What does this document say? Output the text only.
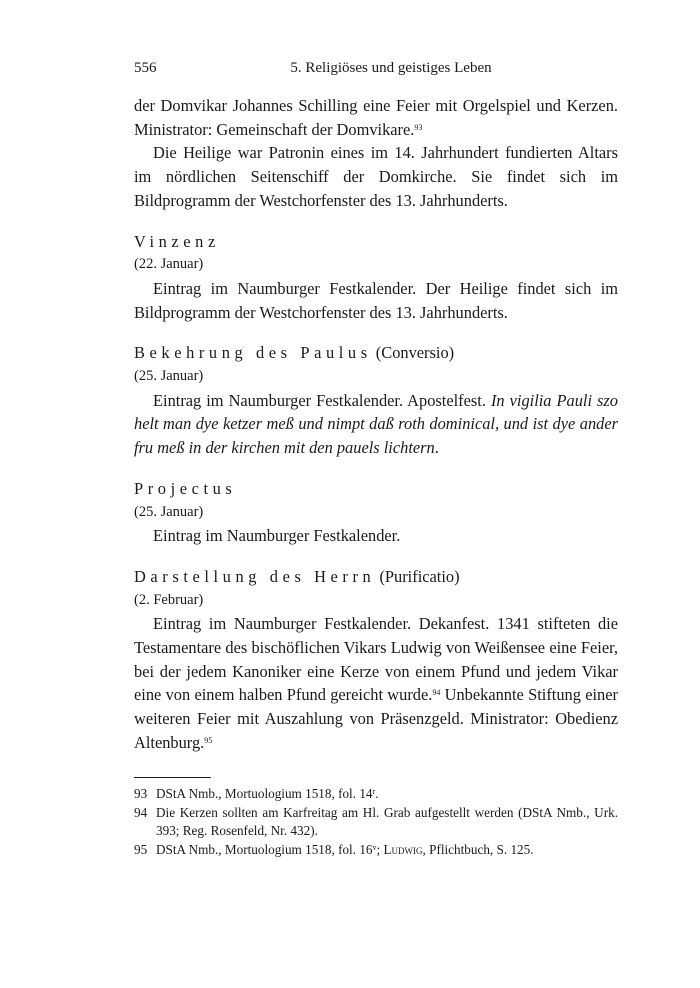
556	5. Religiöses und geistiges Leben

der Domvikar Johannes Schilling eine Feier mit Orgelspiel und Kerzen. Ministrator: Gemeinschaft der Domvikare.$^{93}$

Die Heilige war Patronin eines im 14. Jahrhundert fundierten Altars im nördlichen Seitenschiff der Domkirche. Sie findet sich im Bildprogramm der Westchorfenster des 13. Jahrhunderts.

Vinzenz

(22. Januar)

Eintrag im Naumburger Festkalender. Der Heilige findet sich im Bildprogramm der Westchorfenster des 13. Jahrhunderts.

Bekehrung des Paulus (Conversio)

(25. Januar)

Eintrag im Naumburger Festkalender. Apostelfest. In vigilia Pauli szo helt man dye ketzer meß und nimpt daß roth dominical, und ist dye ander fru meß in der kirchen mit den pauels lichtern.

Projectus

(25. Januar)

Eintrag im Naumburger Festkalender.

Darstellung des Herrn (Purificatio)

(2. Februar)

Eintrag im Naumburger Festkalender. Dekanfest. 1341 stifteten die Testamentare des bischöflichen Vikars Ludwig von Weißensee eine Feier, bei der jedem Kanoniker eine Kerze von einem Pfund und jedem Vikar eine von einem halben Pfund gereicht wurde.$^{94}$ Unbekannte Stiftung einer weiteren Feier mit Auszahlung von Präsenzgeld. Ministrator: Obedienz Altenburg.$^{95}$

93 DStA Nmb., Mortuologium 1518, fol. 14$^r$.
94 Die Kerzen sollten am Karfreitag am Hl. Grab aufgestellt werden (DStA Nmb., Urk. 393; Reg. Rosenfeld, Nr. 432).
95 DStA Nmb., Mortuologium 1518, fol. 16$^v$; Ludwig, Pflichtbuch, S. 125.
